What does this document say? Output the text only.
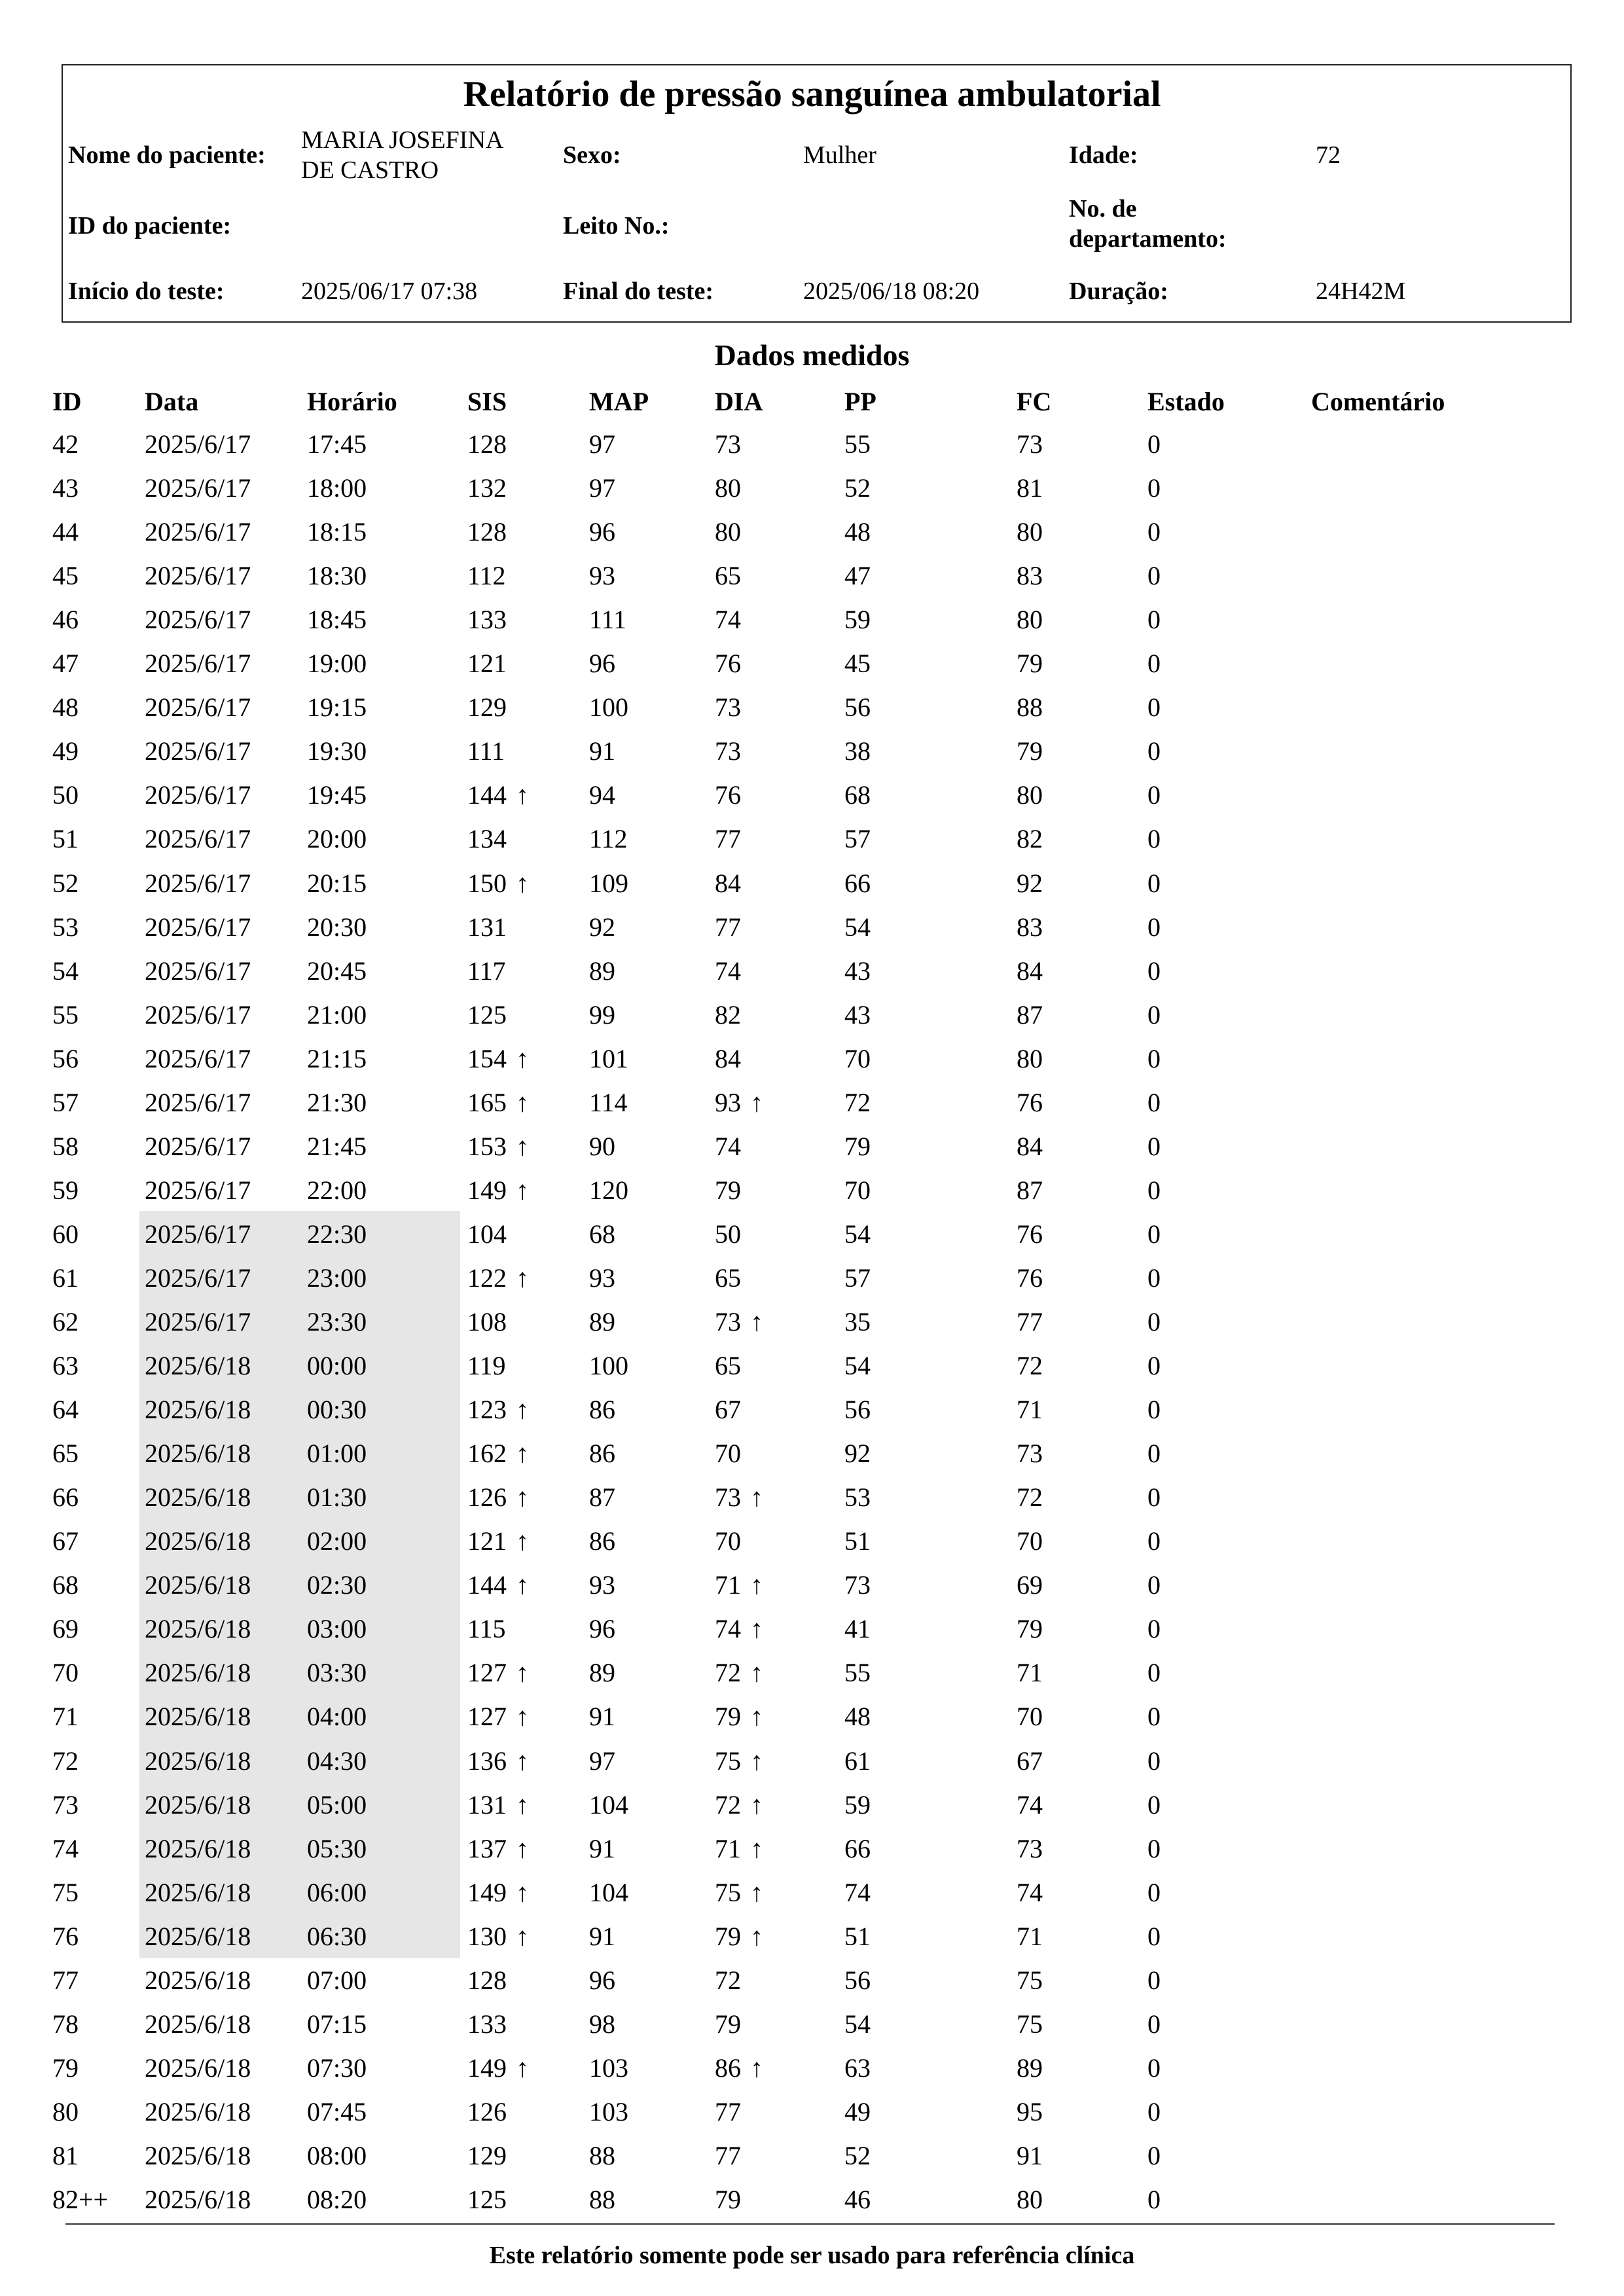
Relatório de pressão sanguínea ambulatorial
Nome do paciente:
MARIA JOSEFINA
DE CASTRO
Sexo:	Mulher	Idade:	72
ID do paciente:	Leito No.:
No. de
departamento:
Início do teste:	2025/06/17 07:38	Final do teste:	2025/06/18 08:20	Duração:	24H42M
Dados medidos
ID Data	Horário	SIS	MAP	DIA	PP	FC	Estado	Comentário
42	2025/6/17 17:45	128	97	73	55	73	0
43	2025/6/17 18:00	132	97	80	52	81	0
44	2025/6/17 18:15	128	96	80	48	80	0
45	2025/6/17 18:30	112	93	65	47	83	0
46	2025/6/17 18:45	133	111	74	59	80	0
47	2025/6/17 19:00	121	96	76	45	79	0
48	2025/6/17 19:15	129	100	73	56	88	0
49	2025/6/17 19:30	111	91	73	38	79	0
50	2025/6/17 19:45	144 ↑ 94	76	68	80	0
51	2025/6/17 20:00	134	112	77	57	82	0
52	2025/6/17 20:15	150 ↑ 109	84	66	92	0
53	2025/6/17 20:30	131	92	77	54	83	0
54	2025/6/17 20:45	117	89	74	43	84	0
55	2025/6/17 21:00	125	99	82	43	87	0
56	2025/6/17 21:15	154 ↑ 101	84	70	80	0
57	2025/6/17 21:30	165 ↑ 114	93 ↑	72	76	0
58	2025/6/17 21:45	153 ↑ 90	74	79	84	0
59	2025/6/17 22:00	149 ↑ 120	79	70	87	0
60	2025/6/17 22:30	104	68	50	54	76	0
61	2025/6/17 23:00	122 ↑ 93	65	57	76	0
62	2025/6/17 23:30	108	89	73 ↑	35	77	0
63	2025/6/18 00:00	119	100	65	54	72	0
64	2025/6/18 00:30	123 ↑ 86	67	56	71	0
65	2025/6/18 01:00	162 ↑ 86	70	92	73	0
66	2025/6/18 01:30	126 ↑ 87	73 ↑	53	72	0
67	2025/6/18 02:00	121 ↑ 86	70	51	70	0
68	2025/6/18 02:30	144 ↑ 93	71 ↑	73	69	0
69	2025/6/18 03:00	115	96	74 ↑	41	79	0
70	2025/6/18 03:30	127 ↑ 89	72 ↑	55	71	0
71	2025/6/18 04:00	127 ↑ 91	79 ↑	48	70	0
72	2025/6/18 04:30	136 ↑ 97	75 ↑	61	67	0
73	2025/6/18 05:00	131 ↑ 104	72 ↑	59	74	0
74	2025/6/18 05:30	137 ↑ 91	71 ↑	66	73	0
75	2025/6/18 06:00	149 ↑ 104	75 ↑	74	74	0
76	2025/6/18 06:30	130 ↑ 91	79 ↑	51	71	0
77	2025/6/18 07:00	128	96	72	56	75	0
78	2025/6/18 07:15	133	98	79	54	75	0
79	2025/6/18 07:30	149 ↑ 103	86 ↑	63	89	0
80	2025/6/18 07:45	126	103	77	49	95	0
81	2025/6/18 08:00	129	88	77	52	91	0
82++ 2025/6/18 08:20	125	88	79	46	80	0
Este relatório somente pode ser usado para referência clínica
